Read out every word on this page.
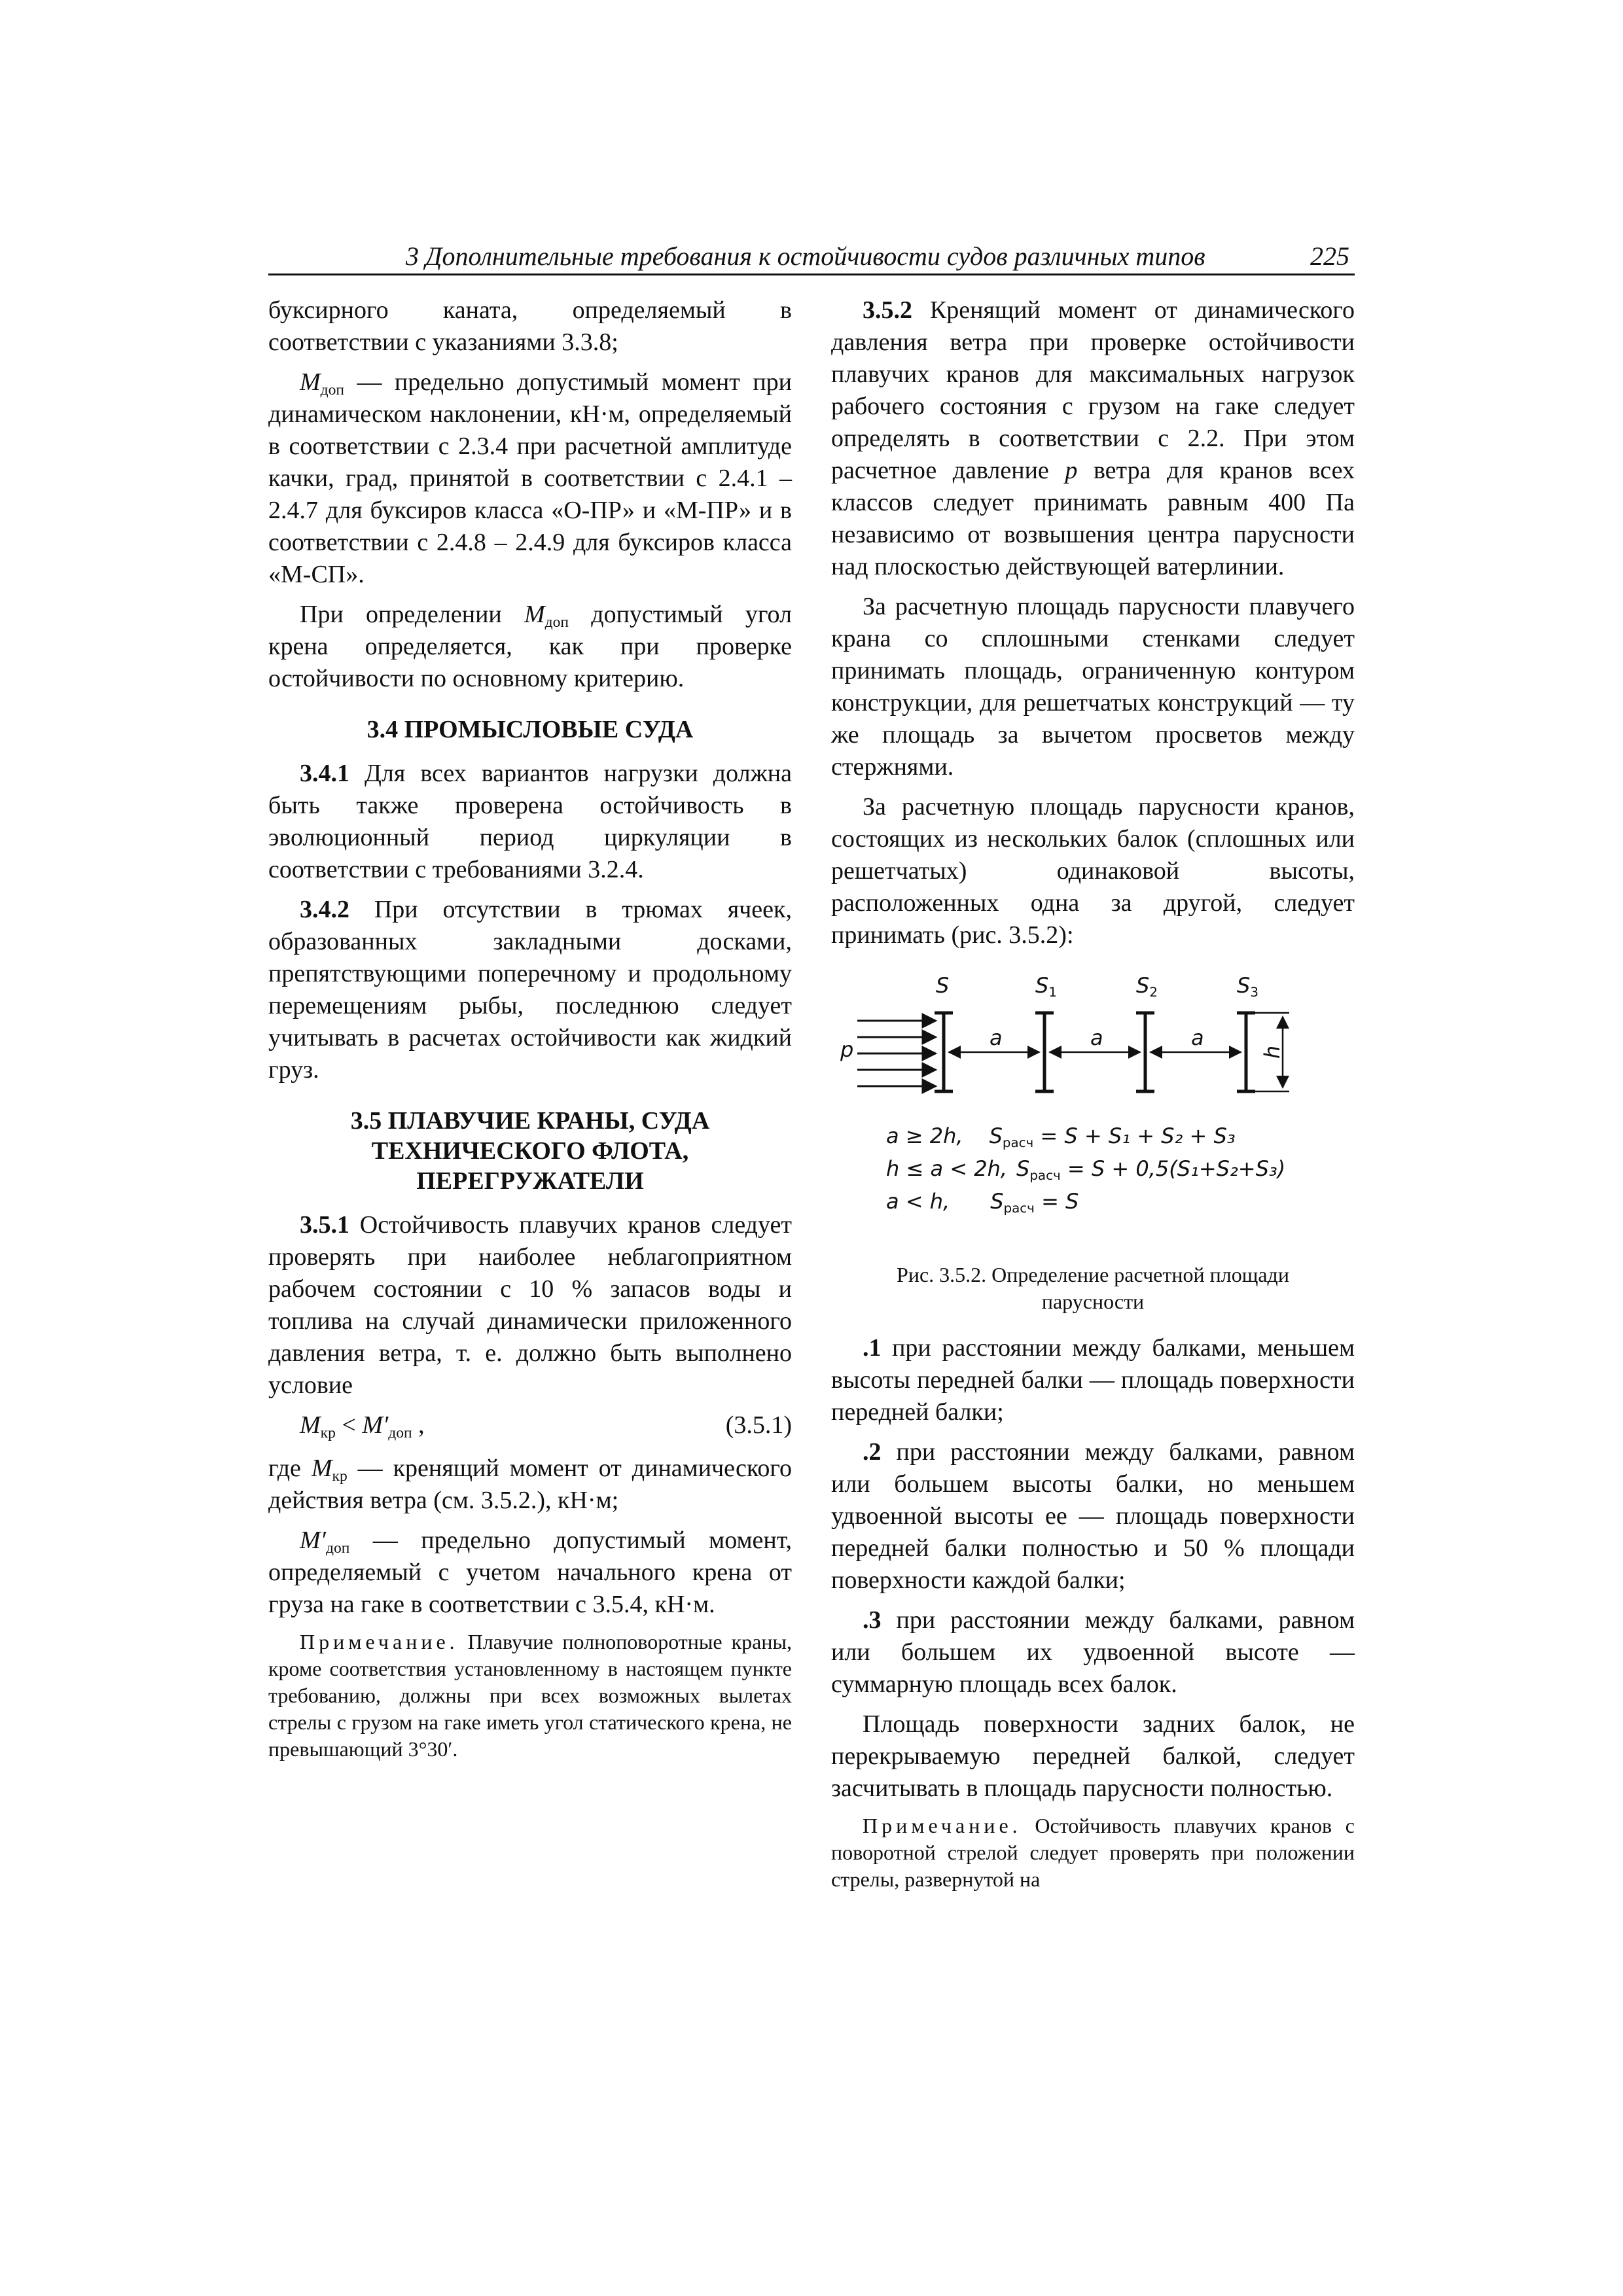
3 Дополнительные требования к остойчивости судов различных типов	225

буксирного каната, определяемый в соответствии с указаниями 3.3.8;

$M_{доп}$ — предельно допустимый момент при динамическом наклонении, кН·м, определяемый в соответствии с 2.3.4 при расчетной амплитуде качки, град, принятой в соответствии с 2.4.1 – 2.4.7 для буксиров класса «О-ПР» и «М-ПР» и в соответствии с 2.4.8 – 2.4.9 для буксиров класса «М-СП».

При определении $M_{доп}$ допустимый угол крена определяется, как при проверке остойчивости по основному критерию.

3.4 ПРОМЫСЛОВЫЕ СУДА

3.4.1 Для всех вариантов нагрузки должна быть также проверена остойчивость в эволюционный период циркуляции в соответствии с требованиями 3.2.4.

3.4.2 При отсутствии в трюмах ячеек, образованных закладными досками, препятствующими поперечному и продольному перемещениям рыбы, последнюю следует учитывать в расчетах остойчивости как жидкий груз.

3.5 ПЛАВУЧИЕ КРАНЫ, СУДА
ТЕХНИЧЕСКОГО ФЛОТА,
ПЕРЕГРУЖАТЕЛИ

3.5.1 Остойчивость плавучих кранов следует проверять при наиболее неблагоприятном рабочем состоянии с 10 % запасов воды и топлива на случай динамически приложенного давления ветра, т. е. должно быть выполнено условие

$M_{кр} < M'_{доп}$ ,	(3.5.1)

где $M_{кр}$ — кренящий момент от динамического действия ветра (см. 3.5.2.), кН·м;

$M'_{доп}$ — предельно допустимый момент, определяемый с учетом начального крена от груза на гаке в соответствии с 3.5.4, кН·м.

Примечание. Плавучие полноповоротные краны, кроме соответствия установленному в настоящем пункте требованию, должны при всех возможных вылетах стрелы с грузом на гаке иметь угол статического крена, не превышающий 3°30′.

3.5.2 Кренящий момент от динамического давления ветра при проверке остойчивости плавучих кранов для максимальных нагрузок рабочего состояния с грузом на гаке следует определять в соответствии с 2.2. При этом расчетное давление p ветра для кранов всех классов следует принимать равным 400 Па независимо от возвышения центра парусности над плоскостью действующей ватерлинии.

За расчетную площадь парусности плавучего крана со сплошными стенками следует принимать площадь, ограниченную контуром конструкции, для решетчатых конструкций — ту же площадь за вычетом просветов между стержнями.

За расчетную площадь парусности кранов, состоящих из нескольких балок (сплошных или решетчатых) одинаковой высоты, расположенных одна за другой, следует принимать (рис. 3.5.2):

S	$S_1$	$S_2$	$S_3$
p	a	a	a
h
a ≥ 2h, $S_{расч} = S + S_1 + S_2 + S_3$
h ≤ a < 2h, $S_{расч} = S + 0,5(S_1+S_2+S_3)$
a < h, $S_{расч} = S$
Рис. 3.5.2. Определение расчетной площади
парусности

.1 при расстоянии между балками, меньшем высоты передней балки — площадь поверхности передней балки;

.2 при расстоянии между балками, равном или большем высоты балки, но меньшем удвоенной высоты ее — площадь поверхности передней балки полностью и 50 % площади поверхности каждой балки;

.3 при расстоянии между балками, равном или большем их удвоенной высоте — суммарную площадь всех балок.

Площадь поверхности задних балок, не перекрываемую передней балкой, следует засчитывать в площадь парусности полностью.

Примечание. Остойчивость плавучих кранов с поворотной стрелой следует проверять при положении стрелы, развернутой на
